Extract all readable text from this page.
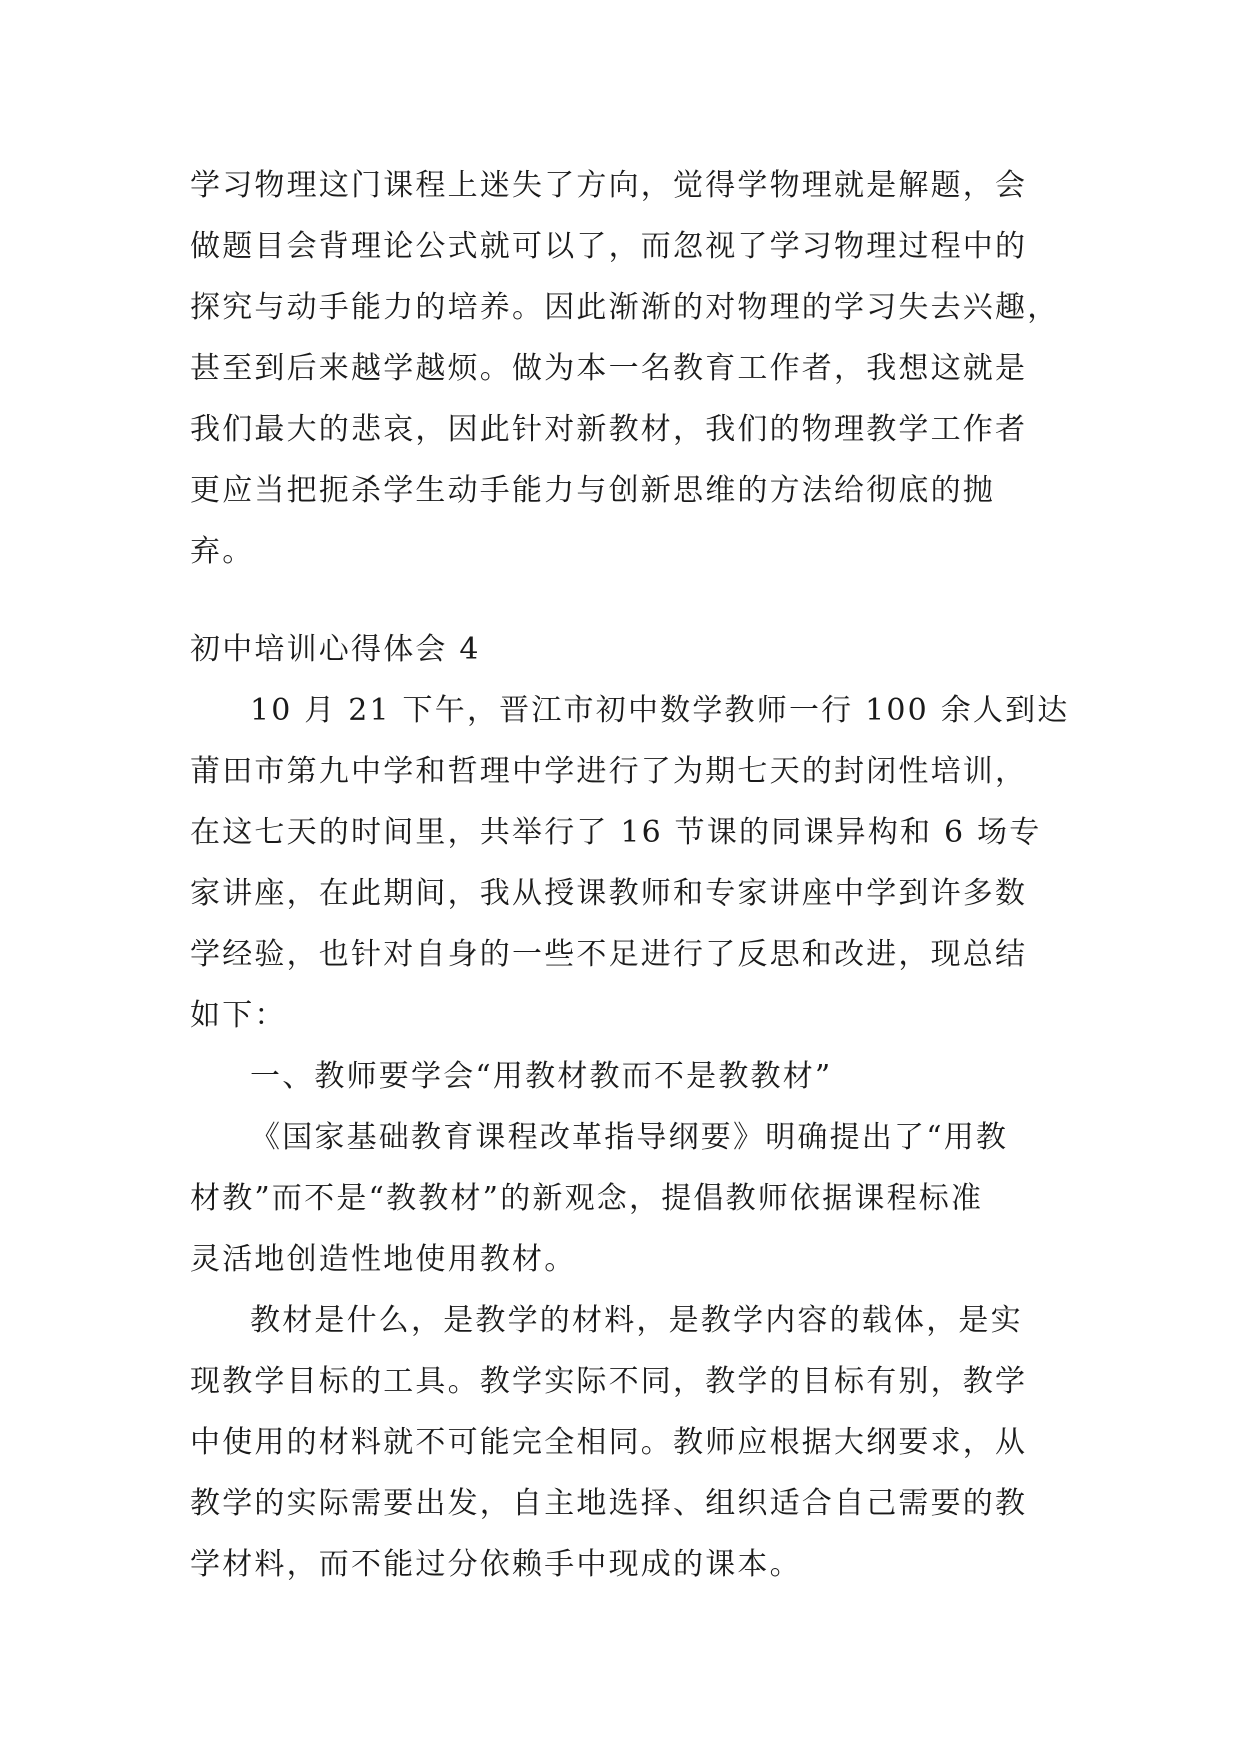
学习物理这门课程上迷失了方向，觉得学物理就是解题，会
做题目会背理论公式就可以了，而忽视了学习物理过程中的
探究与动手能力的培养。因此渐渐的对物理的学习失去兴趣，
甚至到后来越学越烦。做为本一名教育工作者，我想这就是
我们最大的悲哀，因此针对新教材，我们的物理教学工作者
更应当把扼杀学生动手能力与创新思维的方法给彻底的抛
弃。
初中培训心得体会 4
10 月 21 下午，晋江市初中数学教师一行 100 余人到达
莆田市第九中学和哲理中学进行了为期七天的封闭性培训，
在这七天的时间里，共举行了 16 节课的同课异构和 6 场专
家讲座，在此期间，我从授课教师和专家讲座中学到许多数
学经验，也针对自身的一些不足进行了反思和改进，现总结
如下：
一、教师要学会“用教材教而不是教教材”
《国家基础教育课程改革指导纲要》明确提出了“用教
材教”而不是“教教材”的新观念，提倡教师依据课程标准
灵活地创造性地使用教材。
教材是什么，是教学的材料，是教学内容的载体，是实
现教学目标的工具。教学实际不同，教学的目标有别，教学
中使用的材料就不可能完全相同。教师应根据大纲要求，从
教学的实际需要出发，自主地选择、组织适合自己需要的教
学材料，而不能过分依赖手中现成的课本。
